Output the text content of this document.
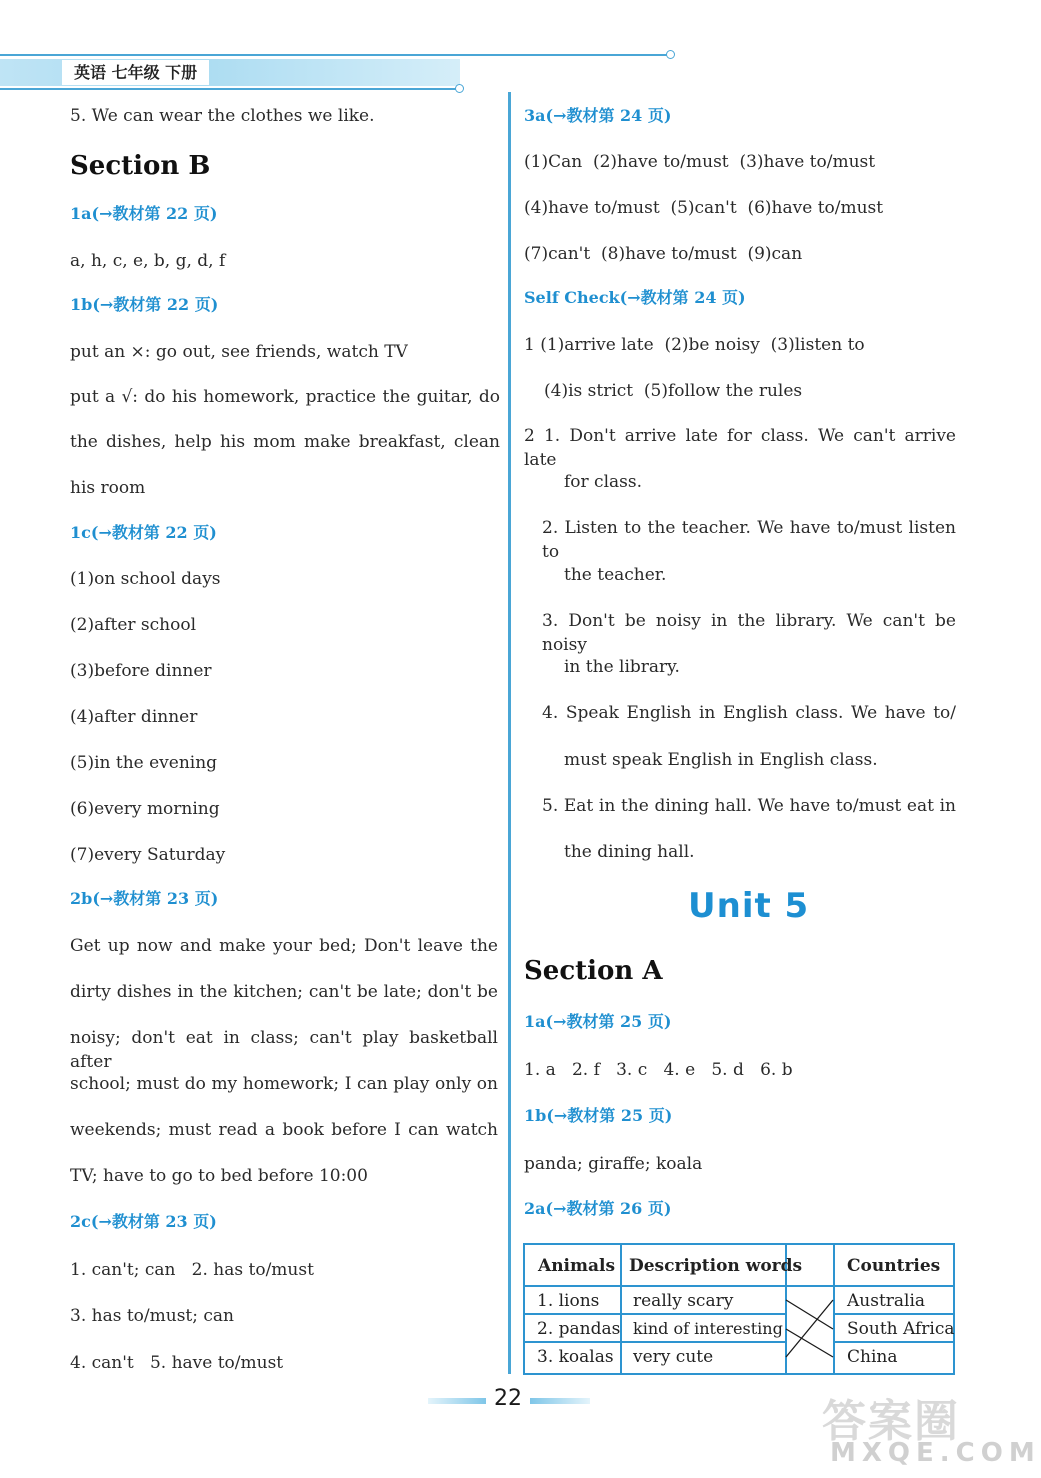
英语 七年级 下册
5. We can wear the clothes we like.
Section B
1a(→教材第 22 页)
a, h, c, e, b, g, d, f
1b(→教材第 22 页)
put an ×: go out, see friends, watch TV
put a √: do his homework, practice the guitar, do
the dishes, help his mom make breakfast, clean
his room
1c(→教材第 22 页)
(1)on school days
(2)after school
(3)before dinner
(4)after dinner
(5)in the evening
(6)every morning
(7)every Saturday
2b(→教材第 23 页)
Get up now and make your bed; Don't leave the
dirty dishes in the kitchen; can't be late; don't be
noisy; don't eat in class; can't play basketball after
school; must do my homework; I can play only on
weekends; must read a book before I can watch
TV; have to go to bed before 10:00
2c(→教材第 23 页)
1. can't; can   2. has to/must
3. has to/must; can
4. can't   5. have to/must
3a(→教材第 24 页)
(1)Can  (2)have to/must  (3)have to/must
(4)have to/must  (5)can't  (6)have to/must
(7)can't  (8)have to/must  (9)can
Self Check(→教材第 24 页)
1 (1)arrive late  (2)be noisy  (3)listen to
(4)is strict  (5)follow the rules
2 1. Don't arrive late for class. We can't arrive late
for class.
2. Listen to the teacher. We have to/must listen to
the teacher.
3. Don't be noisy in the library. We can't be noisy
in the library.
4. Speak English in English class. We have to/
must speak English in English class.
5. Eat in the dining hall. We have to/must eat in
the dining hall.
Unit 5
Section A
1a(→教材第 25 页)
1. a   2. f   3. c   4. e   5. d   6. b
1b(→教材第 25 页)
panda; giraffe; koala
2a(→教材第 26 页)
Animals Description words	Countries
1. lions
2. pandas
3. koalas
really scary
kind of interesting
very cute
Australia
South Africa
China
22	答案圈
MXQE.COM
